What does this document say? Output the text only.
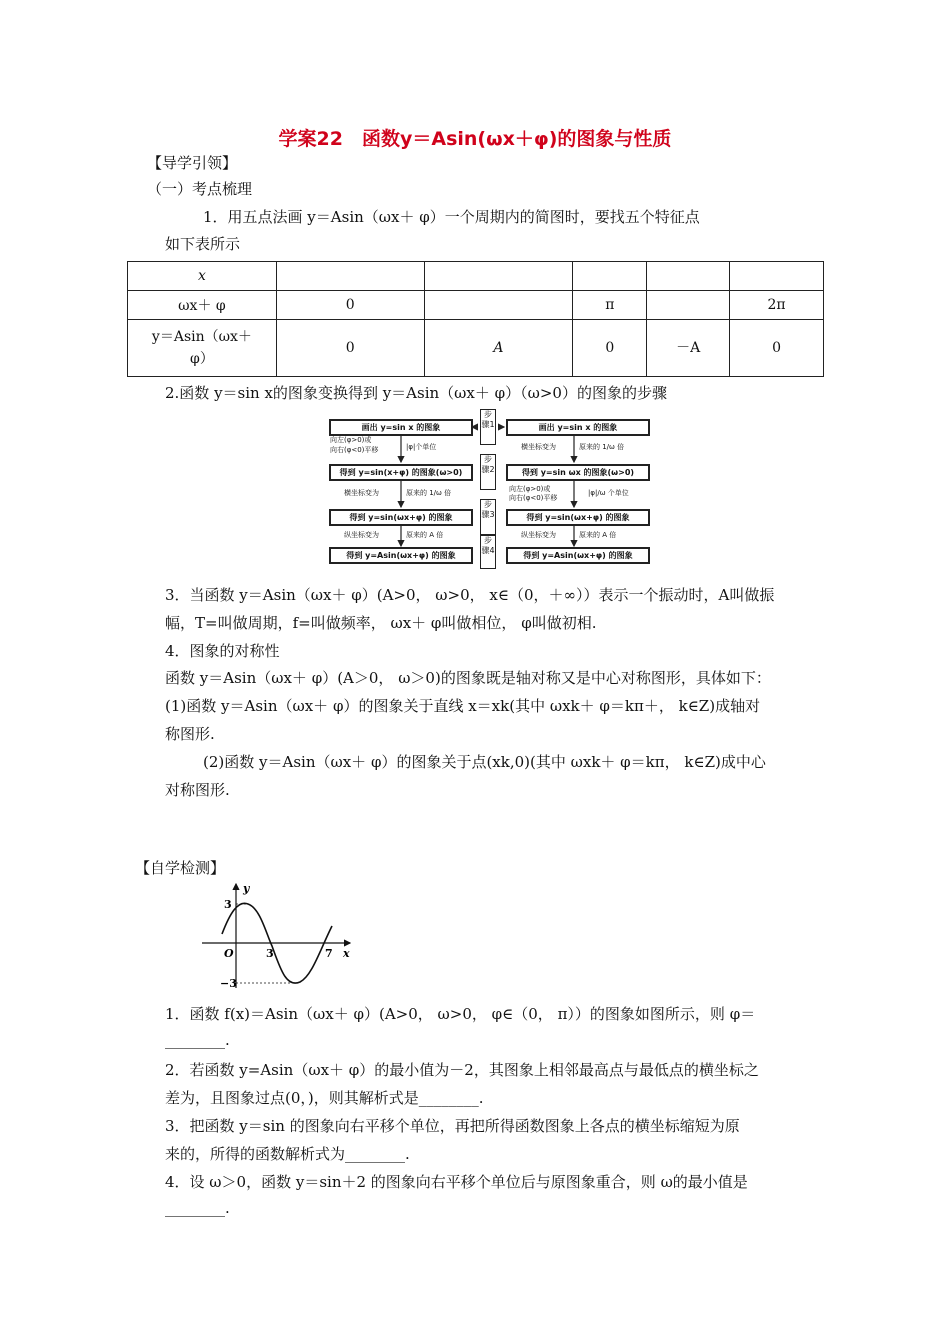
学案22　函数y＝Asin(ωx＋φ)的图象与性质
【导学引领】
（一）考点梳理
1．用五点法画 y＝Asin（ωx＋ φ）一个周期内的简图时，要找五个特征点
如下表所示
x					
ωx＋ φ	0		π		2π
y＝Asin（ωx＋ φ）	0	A	0	－A	0
2.函数 y＝sin x的图象变换得到 y＝Asin（ωx＋ φ）（ω>0）的图象的步骤
画出 y=sin x 的图象
得到 y=sin(x+φ) 的图象(ω>0)
得到 y=sin(ωx+φ) 的图象
得到 y=Asin(ωx+φ) 的图象
画出 y=sin x 的图象
得到 y=sin ωx 的图象(ω>0)
得到 y=sin(ωx+φ) 的图象
得到 y=Asin(ωx+φ) 的图象
向左(φ>0)或
向右(φ<0)平移	|φ|个单位
横坐标变为	原来的 1/ω 倍
纵坐标变为	原来的 A 倍
横坐标变为	原来的 1/ω 倍
向左(φ>0)或
向右(φ<0)平移
|φ|/ω 个单位
纵坐标变为	原来的 A 倍
步骤1
步骤2
步骤3
步骤4
3．当函数 y＝Asin（ωx＋ φ）(A>0， ω>0， x∈（0，＋∞））表示一个振动时，A叫做振
幅，T=叫做周期，f=叫做频率， ωx＋ φ叫做相位， φ叫做初相.
4．图象的对称性
函数 y＝Asin（ωx＋ φ）(A＞0， ω＞0)的图象既是轴对称又是中心对称图形，具体如下：
(1)函数 y＝Asin（ωx＋ φ）的图象关于直线 x＝xk(其中 ωxk＋ φ＝kπ＋， k∈Z)成轴对
称图形.
(2)函数 y＝Asin（ωx＋ φ）的图象关于点(xk,0)(其中 ωxk＋ φ＝kπ， k∈Z)成中心
对称图形.
【自学检测】
y
x
O
3
−3
3	7
1．函数 f(x)＝Asin（ωx＋ φ）(A>0， ω>0， φ∈（0， π））的图象如图所示，则 φ＝
________.
2．若函数 y=Asin（ωx＋ φ）的最小值为－2，其图象上相邻最高点与最低点的横坐标之
差为，且图象过点(0，)，则其解析式是________.
3．把函数 y＝sin 的图象向右平移个单位，再把所得函数图象上各点的横坐标缩短为原
来的，所得的函数解析式为________.
4．设 ω＞0，函数 y＝sin＋2 的图象向右平移个单位后与原图象重合，则 ω的最小值是
________.
